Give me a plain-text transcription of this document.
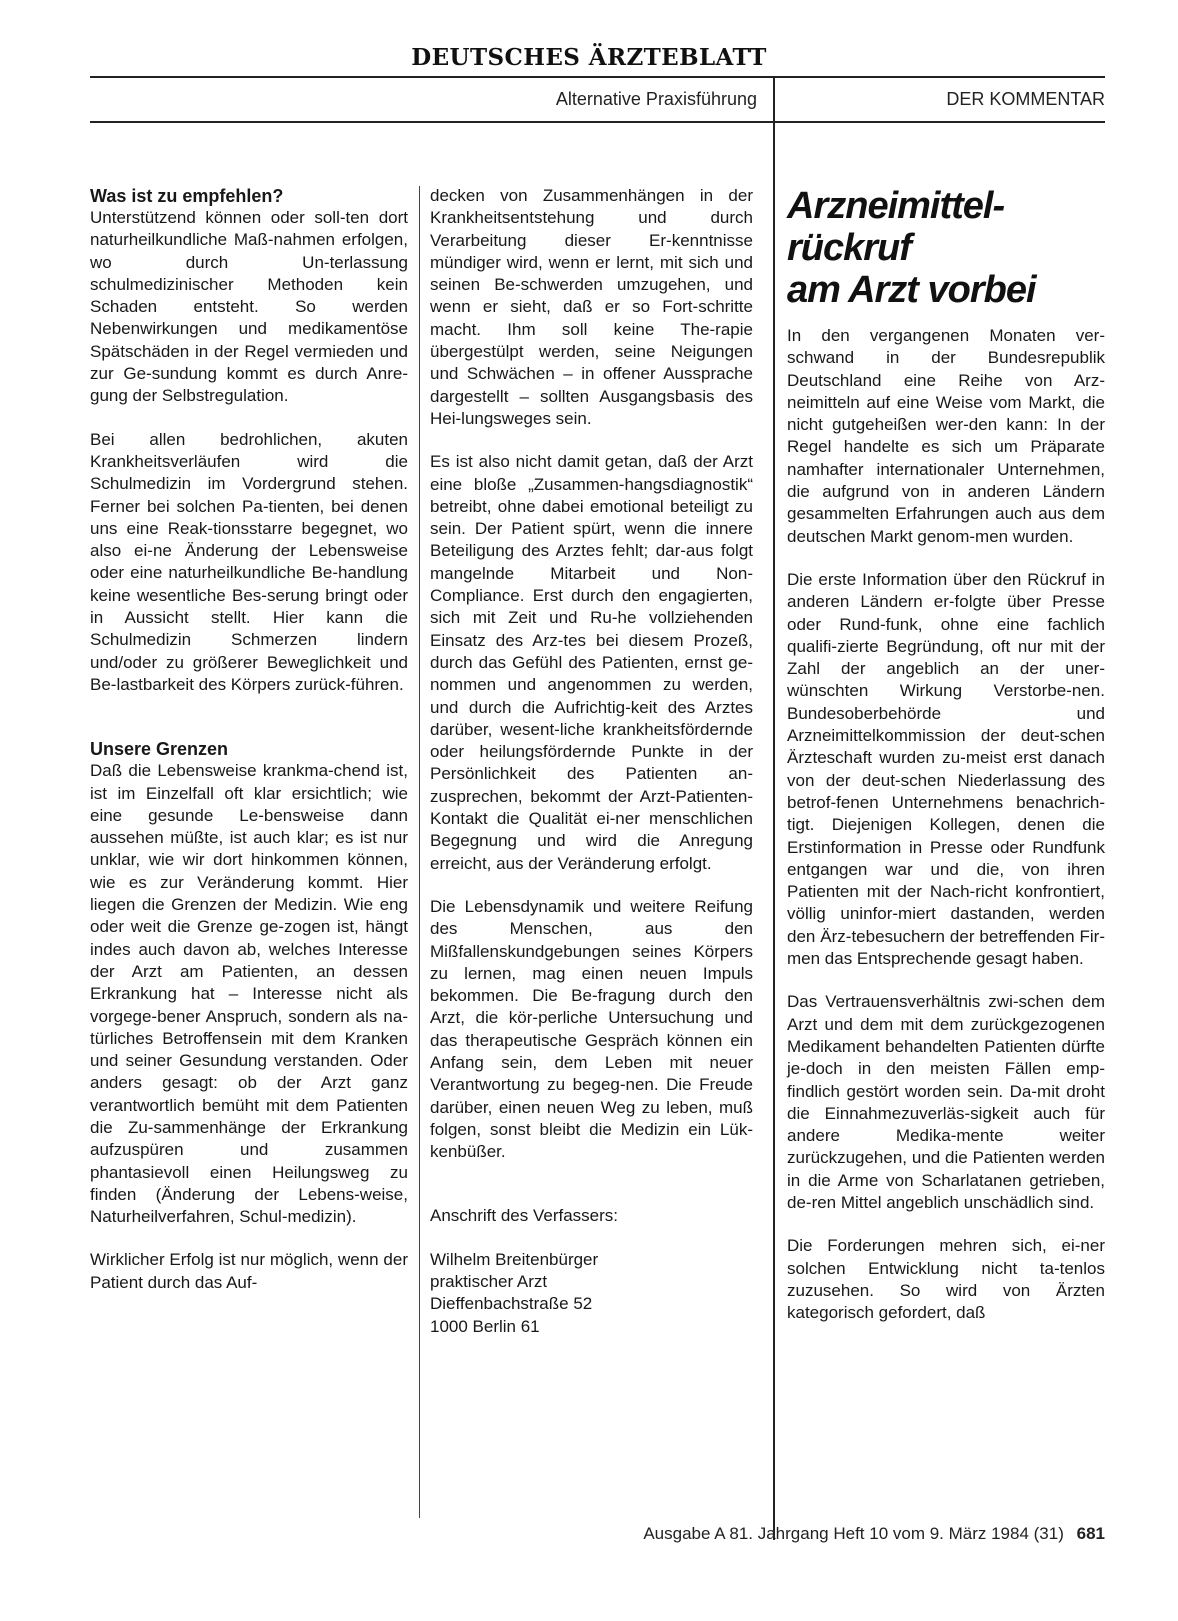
DEUTSCHES ÄRZTEBLATT
Alternative Praxisführung	DER KOMMENTAR
Was ist zu empfehlen?

Unterstützend können oder soll-ten dort naturheilkundliche Maß-nahmen erfolgen, wo durch Un-terlassung schulmedizinischer Methoden kein Schaden entsteht. So werden Nebenwirkungen und medikamentöse Spätschäden in der Regel vermieden und zur Ge-sundung kommt es durch Anre-gung der Selbstregulation.

Bei allen bedrohlichen, akuten Krankheitsverläufen wird die Schulmedizin im Vordergrund stehen. Ferner bei solchen Pa-tienten, bei denen uns eine Reak-tionsstarre begegnet, wo also ei-ne Änderung der Lebensweise oder eine naturheilkundliche Be-handlung keine wesentliche Bes-serung bringt oder in Aussicht stellt. Hier kann die Schulmedizin Schmerzen lindern und/oder zu größerer Beweglichkeit und Be-lastbarkeit des Körpers zurück-führen.

Unsere Grenzen

Daß die Lebensweise krankma-chend ist, ist im Einzelfall oft klar ersichtlich; wie eine gesunde Le-bensweise dann aussehen müßte, ist auch klar; es ist nur unklar, wie wir dort hinkommen können, wie es zur Veränderung kommt. Hier liegen die Grenzen der Medizin. Wie eng oder weit die Grenze ge-zogen ist, hängt indes auch davon ab, welches Interesse der Arzt am Patienten, an dessen Erkrankung hat – Interesse nicht als vorgege-bener Anspruch, sondern als na-türliches Betroffensein mit dem Kranken und seiner Gesundung verstanden. Oder anders gesagt: ob der Arzt ganz verantwortlich bemüht mit dem Patienten die Zu-sammenhänge der Erkrankung aufzuspüren und zusammen phantasievoll einen Heilungsweg zu finden (Änderung der Lebens-weise, Naturheilverfahren, Schul-medizin).

Wirklicher Erfolg ist nur möglich, wenn der Patient durch das Auf-

decken von Zusammenhängen in der Krankheitsentstehung und durch Verarbeitung dieser Er-kenntnisse mündiger wird, wenn er lernt, mit sich und seinen Be-schwerden umzugehen, und wenn er sieht, daß er so Fort-schritte macht. Ihm soll keine The-rapie übergestülpt werden, seine Neigungen und Schwächen – in offener Aussprache dargestellt – sollten Ausgangsbasis des Hei-lungsweges sein.

Es ist also nicht damit getan, daß der Arzt eine bloße „Zusammen-hangsdiagnostik“ betreibt, ohne dabei emotional beteiligt zu sein. Der Patient spürt, wenn die innere Beteiligung des Arztes fehlt; dar-aus folgt mangelnde Mitarbeit und Non-Compliance. Erst durch den engagierten, sich mit Zeit und Ru-he vollziehenden Einsatz des Arz-tes bei diesem Prozeß, durch das Gefühl des Patienten, ernst ge-nommen und angenommen zu werden, und durch die Aufrichtig-keit des Arztes darüber, wesent-liche krankheitsfördernde oder heilungsfördernde Punkte in der Persönlichkeit des Patienten an-zusprechen, bekommt der Arzt-Patienten-Kontakt die Qualität ei-ner menschlichen Begegnung und wird die Anregung erreicht, aus der Veränderung erfolgt.

Die Lebensdynamik und weitere Reifung des Menschen, aus den Mißfallenskundgebungen seines Körpers zu lernen, mag einen neuen Impuls bekommen. Die Be-fragung durch den Arzt, die kör-perliche Untersuchung und das therapeutische Gespräch können ein Anfang sein, dem Leben mit neuer Verantwortung zu begeg-nen. Die Freude darüber, einen neuen Weg zu leben, muß folgen, sonst bleibt die Medizin ein Lük-kenbüßer.

Anschrift des Verfassers:

Wilhelm Breitenbürger

praktischer Arzt

Dieffenbachstraße 52

1000 Berlin 61

Arzneimittel-
rückruf
am Arzt vorbei

In den vergangenen Monaten ver-schwand in der Bundesrepublik Deutschland eine Reihe von Arz-neimitteln auf eine Weise vom Markt, die nicht gutgeheißen wer-den kann: In der Regel handelte es sich um Präparate namhafter internationaler Unternehmen, die aufgrund von in anderen Ländern gesammelten Erfahrungen auch aus dem deutschen Markt genom-men wurden.

Die erste Information über den Rückruf in anderen Ländern er-folgte über Presse oder Rund-funk, ohne eine fachlich qualifi-zierte Begründung, oft nur mit der Zahl der angeblich an der uner-wünschten Wirkung Verstorbe-nen. Bundesoberbehörde und Arzneimittelkommission der deut-schen Ärzteschaft wurden zu-meist erst danach von der deut-schen Niederlassung des betrof-fenen Unternehmens benachrich-tigt. Diejenigen Kollegen, denen die Erstinformation in Presse oder Rundfunk entgangen war und die, von ihren Patienten mit der Nach-richt konfrontiert, völlig uninfor-miert dastanden, werden den Ärz-tebesuchern der betreffenden Fir-men das Entsprechende gesagt haben.

Das Vertrauensverhältnis zwi-schen dem Arzt und dem mit dem zurückgezogenen Medikament behandelten Patienten dürfte je-doch in den meisten Fällen emp-findlich gestört worden sein. Da-mit droht die Einnahmezuverläs-sigkeit auch für andere Medika-mente weiter zurückzugehen, und die Patienten werden in die Arme von Scharlatanen getrieben, de-ren Mittel angeblich unschädlich sind.

Die Forderungen mehren sich, ei-ner solchen Entwicklung nicht ta-tenlos zuzusehen. So wird von Ärzten kategorisch gefordert, daß

Ausgabe A 81. Jahrgang Heft 10 vom 9. März 1984 (31) 681
